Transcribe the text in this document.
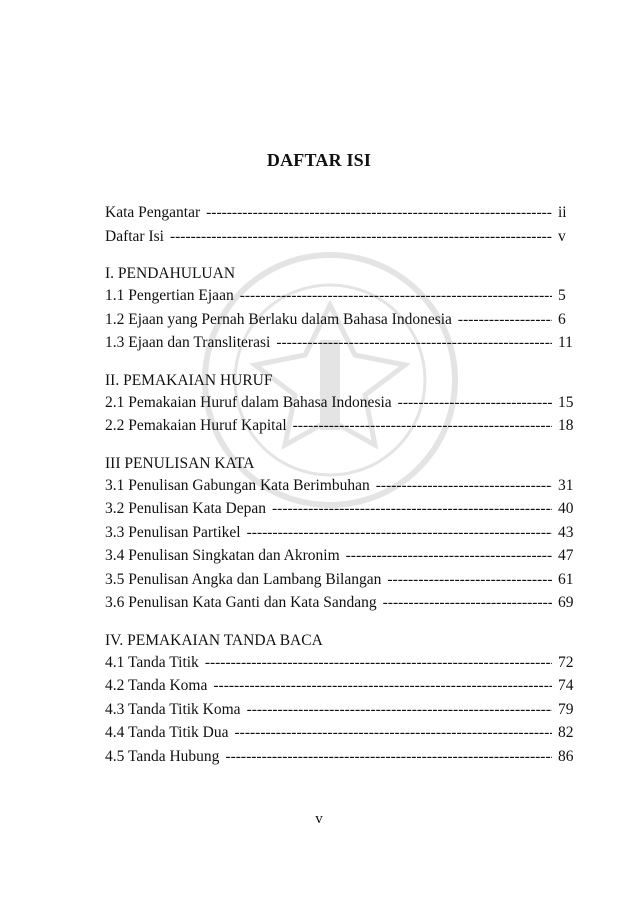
DAFTAR ISI
Kata Pengantar -----	ii
Daftar Isi -----	v
I. PENDAHULUAN
1.1 Pengertian Ejaan -----	5
1.2 Ejaan yang Pernah Berlaku dalam Bahasa Indonesia -----	6
1.3 Ejaan dan Transliterasi -----	11
II. PEMAKAIAN HURUF
2.1 Pemakaian Huruf dalam Bahasa Indonesia -----	15
2.2 Pemakaian Huruf Kapital -----	18
III PENULISAN KATA
3.1 Penulisan Gabungan Kata Berimbuhan -----	31
3.2 Penulisan Kata Depan -----	40
3.3 Penulisan Partikel -----	43
3.4 Penulisan Singkatan dan Akronim -----	47
3.5 Penulisan Angka dan Lambang Bilangan -----	61
3.6 Penulisan Kata Ganti dan Kata Sandang -----	69
IV. PEMAKAIAN TANDA BACA
4.1 Tanda Titik -----	72
4.2 Tanda Koma -----	74
4.3 Tanda Titik Koma -----	79
4.4 Tanda Titik Dua -----	82
4.5 Tanda Hubung -----	86
v
